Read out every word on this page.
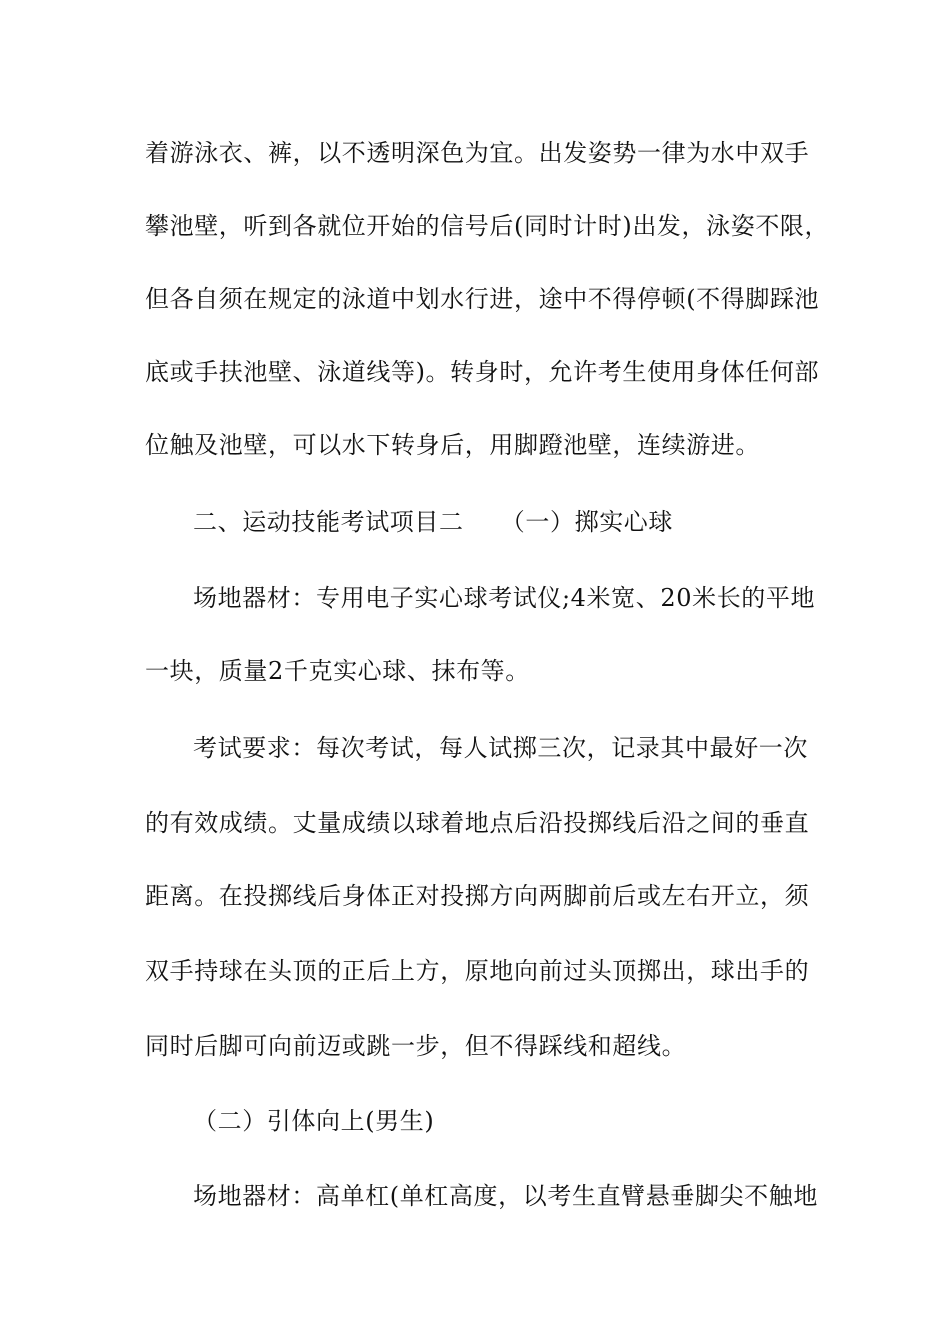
着游泳衣、裤，以不透明深色为宜。出发姿势一律为水中双手
攀池壁，听到各就位开始的信号后(同时计时)出发，泳姿不限，
但各自须在规定的泳道中划水行进，途中不得停顿(不得脚踩池
底或手扶池壁、泳道线等)。转身时，允许考生使用身体任何部
位触及池壁，可以水下转身后，用脚蹬池壁，连续游进。
二、运动技能考试项目二　　（一）掷实心球
场地器材：专用电子实心球考试仪;4米宽、20米长的平地
一块，质量2千克实心球、抹布等。
考试要求：每次考试，每人试掷三次，记录其中最好一次
的有效成绩。丈量成绩以球着地点后沿投掷线后沿之间的垂直
距离。在投掷线后身体正对投掷方向两脚前后或左右开立，须
双手持球在头顶的正后上方，原地向前过头顶掷出，球出手的
同时后脚可向前迈或跳一步，但不得踩线和超线。
（二）引体向上(男生)
场地器材：高单杠(单杠高度，以考生直臂悬垂脚尖不触地
